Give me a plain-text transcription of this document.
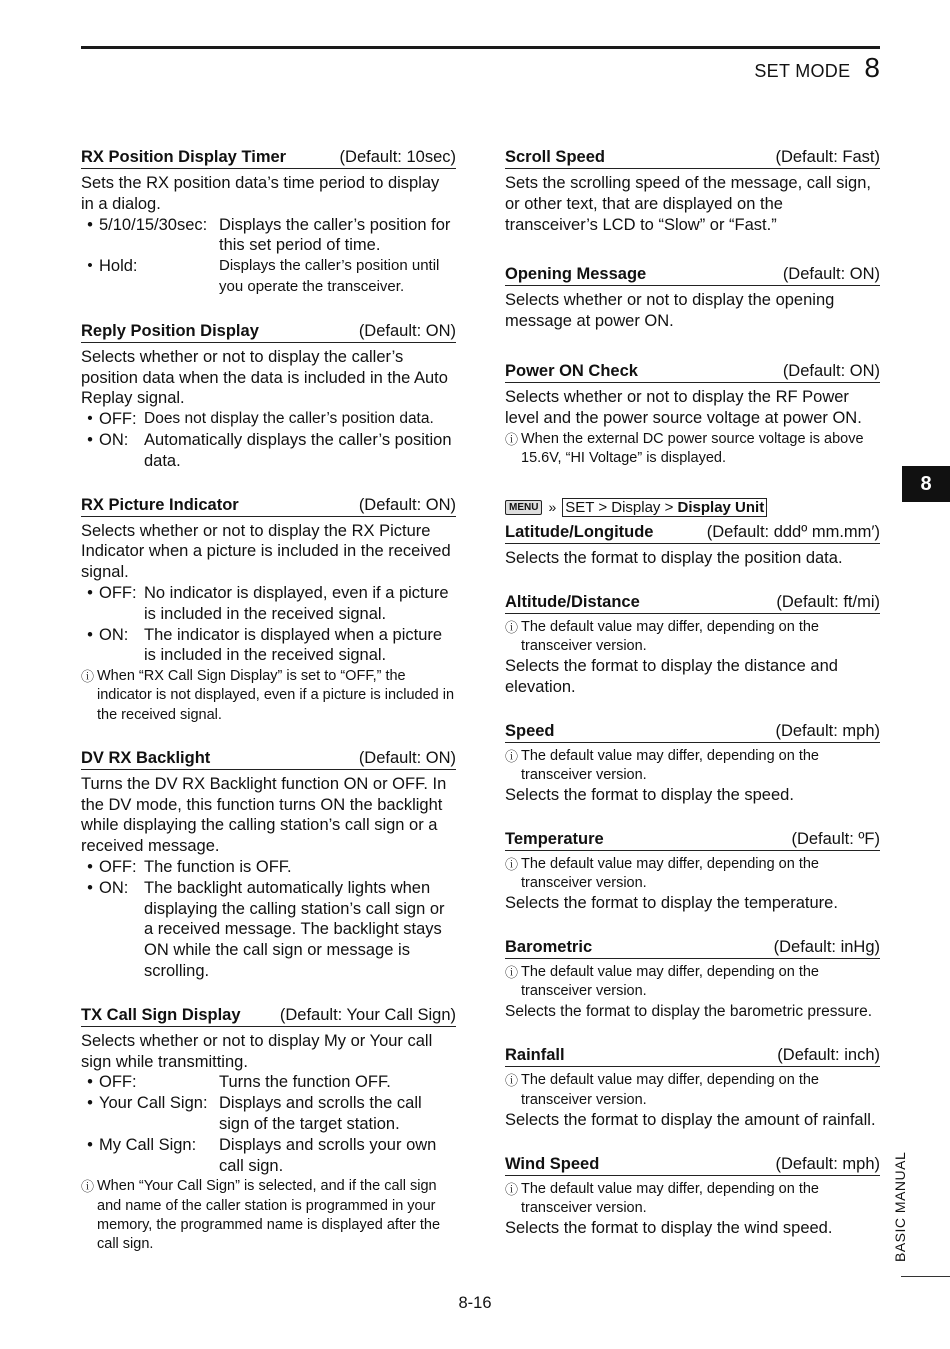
SET MODE 8
RX Position Display Timer	(Default: 10sec)
Sets the RX position data’s time period to display in a dialog.
• 5/10/15/30sec: Displays the caller’s position for this set period of time.
• Hold:	Displays the caller’s position until you operate the transceiver.
Reply Position Display	(Default: ON)
Selects whether or not to display the caller’s position data when the data is included in the Auto Replay signal.
• OFF: Does not display the caller’s position data.
• ON: Automatically displays the caller’s position data.
RX Picture Indicator	(Default: ON)
Selects whether or not to display the RX Picture Indicator when a picture is included in the received signal.
• OFF: No indicator is displayed, even if a picture is included in the received signal.
• ON: The indicator is displayed when a picture is included in the received signal.
ⓘ When “RX Call Sign Display” is set to “OFF,” the indicator is not displayed, even if a picture is included in the received signal.
DV RX Backlight	(Default: ON)
Turns the DV RX Backlight function ON or OFF. In the DV mode, this function turns ON the backlight while displaying the calling station’s call sign or a received message.
• OFF: The function is OFF.
• ON: The backlight automatically lights when displaying the calling station’s call sign or a received message. The backlight stays ON while the call sign or message is scrolling.
TX Call Sign Display (Default: Your Call Sign)
Selects whether or not to display My or Your call sign while transmitting.
• OFF:	Turns the function OFF.
• Your Call Sign: Displays and scrolls the call sign of the target station.
• My Call Sign:	Displays and scrolls your own call sign.
ⓘ When “Your Call Sign” is selected, and if the call sign and name of the caller station is programmed in your memory, the programmed name is displayed after the call sign.
Scroll Speed	(Default: Fast)
Sets the scrolling speed of the message, call sign, or other text, that are displayed on the transceiver’s LCD to “Slow” or “Fast.”
Opening Message	(Default: ON)
Selects whether or not to display the opening message at power ON.
Power ON Check	(Default: ON)
Selects whether or not to display the RF Power level and the power source voltage at power ON.
ⓘ When the external DC power source voltage is above 15.6V, “HI Voltage” is displayed.
MENU » SET > Display > Display Unit
Latitude/Longitude	(Default: dddº mm.mm′)
Selects the format to display the position data.
Altitude/Distance	(Default: ft/mi)
ⓘ The default value may differ, depending on the transceiver version.
Selects the format to display the distance and elevation.
Speed	(Default: mph)
ⓘ The default value may differ, depending on the transceiver version.
Selects the format to display the speed.
Temperature	(Default: ºF)
ⓘ The default value may differ, depending on the transceiver version.
Selects the format to display the temperature.
Barometric	(Default: inHg)
ⓘ The default value may differ, depending on the transceiver version.
Selects the format to display the barometric pressure.
Rainfall	(Default: inch)
ⓘ The default value may differ, depending on the transceiver version.
Selects the format to display the amount of rainfall.
Wind Speed	(Default: mph)
ⓘ The default value may differ, depending on the transceiver version.
Selects the format to display the wind speed.
8
BASIC MANUAL
8-16
